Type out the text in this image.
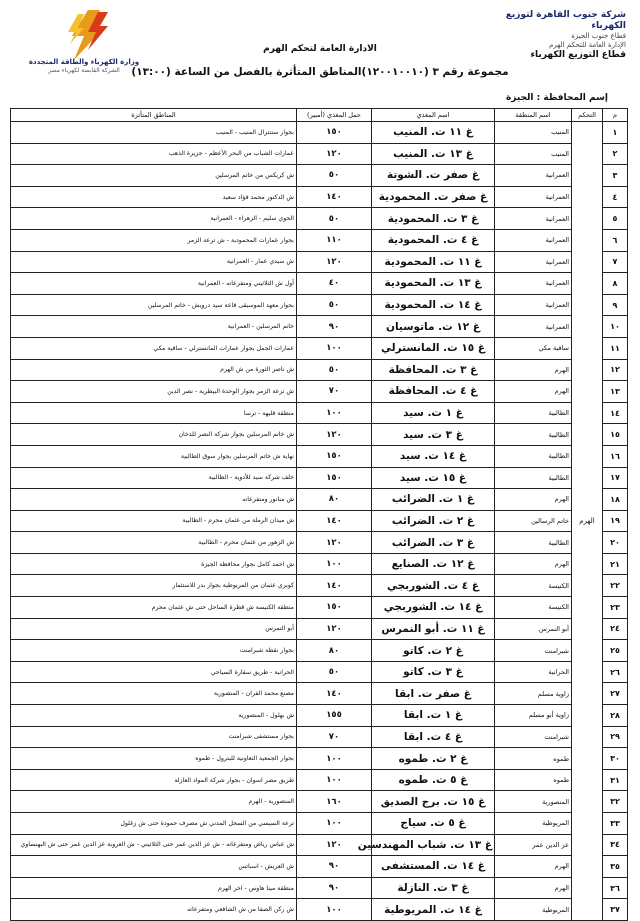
وزارة الكهرباء والطاقة المتجددة
الشركة القابضة لكهرباء مصر
شركة جنوب القاهرة لتوزيع الكهرباء
قطاع جنوب الجيزة
الإدارة العامة للتحكم الهرم
قطاع التوزيع الكهرباء
الادارة العامة لتحكم الهرم
مجموعة رقم ٣ (١٢٠٠١٠٠١٠)المناطق المتأثرة بالفصل من الساعة (١٣:٠٠)
إسم المحافظة : الجيزة
م	التحكم	اسم المنطقة	اسم المغذي	حمل المغذي (أمبير)	المناطق المتأثرة
١	الهرم	المنيب	غ ١١ ت. المنيب	١٥٠	بجوار ستنترال المنيب - المنيب
٢		المنيب	غ ١٣ ت. المنيب	١٢٠	عمارات الشباب من البحر الأعظم - جزيرة الذهب
٣		العمرانية	غ صفر ت. الشوتة	٥٠	ش كريكس من خاتم المرسلين
٤		العمرانية	غ صفر ت. المحمودية	١٤٠	ش الدكتور محمد فؤاد سعيد
٥		العمرانية	غ ٣ ت. المحمودية	٥٠	الحوي سليم - الزهراء - العمرانية
٦		العمرانية	غ ٤ ت. المحمودية	١١٠	بجوار عمارات المحمودية - ش ترعة الزمر
٧		العمرانية	غ ١١ ت. المحمودية	١٢٠	ش سيدي عمار - العمرانية
٨		العمرانية	غ ١٣ ت. المحمودية	٤٠	أول ش الثلاثيني ومتفرعاته - العمرانية
٩		العمرانية	غ ١٤ ت. المحمودية	٥٠	بجوار معهد الموسيقى قاعة سيد درويش - خاتم المرسلين
١٠		العمرانية	غ ١٢ ت. ماتوسيان	٩٠	خاتم المرسلين - العمرانية
١١		ساقية مكي	غ ١٥ ت. المانسترلي	١٠٠	عمارات الجمل بجوار عمارات المانسترلي - ساقية مكي
١٢		الهرم	غ ٣ ت. المحافظة	٥٠	ش ناصر الثورة من ش الهرم
١٣		الهرم	غ ٤ ت. المحافظة	٧٠	ش ترعة الزمر بجوار الوحدة البيطرية - نصر الدين
١٤		الطالبية	غ ١ ت. سيد	١٠٠	منطقة قليهة - ترسا
١٥		الطالبية	غ ٣ ت. سيد	١٢٠	ش خاتم المرسلين بجوار شركة النصر للدخان
١٦		الطالبية	غ ١٤ ت. سيد	١٥٠	نهاية ش خاتم المرسلين بجوار سوق الطالبية
١٧		الطالبية	غ ١٥ ت. سيد	١٥٠	خلف شركة سيد للأدوية - الطالبية
١٨		الهرم	غ ١ ت. الضرائب	٨٠	ش منانور ومتفرعاته
١٩		خاتم الرسالين	غ ٢ ت. الضرائب	١٤٠	ش ميدان الرملة من عثمان محرم - الطالبية
٢٠		الطالبية	غ ٣ ت. الضرائب	١٢٠	ش الزهور من عثمان محرم - الطالبية
٢١		الهرم	غ ١٢ ت. الصنايع	١٠٠	ش احمد كامل بجوار محافظة الجيزة
٢٢		الكنيسة	غ ٤ ت. الشوربجي	١٤٠	كوبري عثمان من المريوطية بجوار بدر للاستثمار
٢٣		الكنيسة	غ ١٤ ت. الشوربجي	١٥٠	منطقة الكنيسة ش قطرة الساحل حتى ش عثمان محرم
٢٤		أبو النمرس	غ ١١ ت. أبو النمرس	١٢٠	أبو النمرس
٢٥		شبرامنت	غ ٢ ت. كاتو	٨٠	بجوار نقطة شبرامنت
٢٦		الحرانية	غ ٣ ت. كاتو	٥٠	الحرانية - طريق سقارة السياحي
٢٧		زاوية مسلم	غ صفر ت. ابقا	١٤٠	مصنع محمد الفران - المنصورية
٢٨		زاوية أبو مسلم	غ ١ ت. ابقا	١٥٥	ش بهلول - المنصورية
٢٩		شبرامنت	غ ٤ ت. ابقا	٧٠	بجوار مستشفى شبرامنت
٣٠		طموه	غ ٢ ت. طموه	١٠٠	بجوار الجمعية التعاونية للبترول - طموه
٣١		طموه	غ ٥ ت. طموه	١٠٠	طريق مصر اسوان - بجوار شركة المواد العازلة
٣٢		المنصورية	غ ١٥ ت. برج الصديق	١٦٠	المنصورية - الهرم
٣٣		المريوطية	غ ٥ ت. سياج	١٠٠	ترعة السيسي من السجل المدني ش مصرف حمودة حتى ش زغلول
٣٤		عز الدين عمر	غ ١٣ ت. شباب المهندسين	١٢٠	ش عباس رياض ومتفرعاته - ش عز الدين عمر حتى الثلاثيني - ش العروبة عز الدين عمر حتى ش البهنساوي
٣٥		الهرم	غ ١٤ ت. المستشفى	٩٠	ش العريش - اسباتس
٣٦		الهرم	غ ٣ ت. النازلة	٩٠	منطقة مينا هاوس - اخر الهرم
٣٧		المريوطية	غ ١٤ ت. المريوطية	١٠٠	ش ركن الصفا من ش الشافعي ومتفرعاته
